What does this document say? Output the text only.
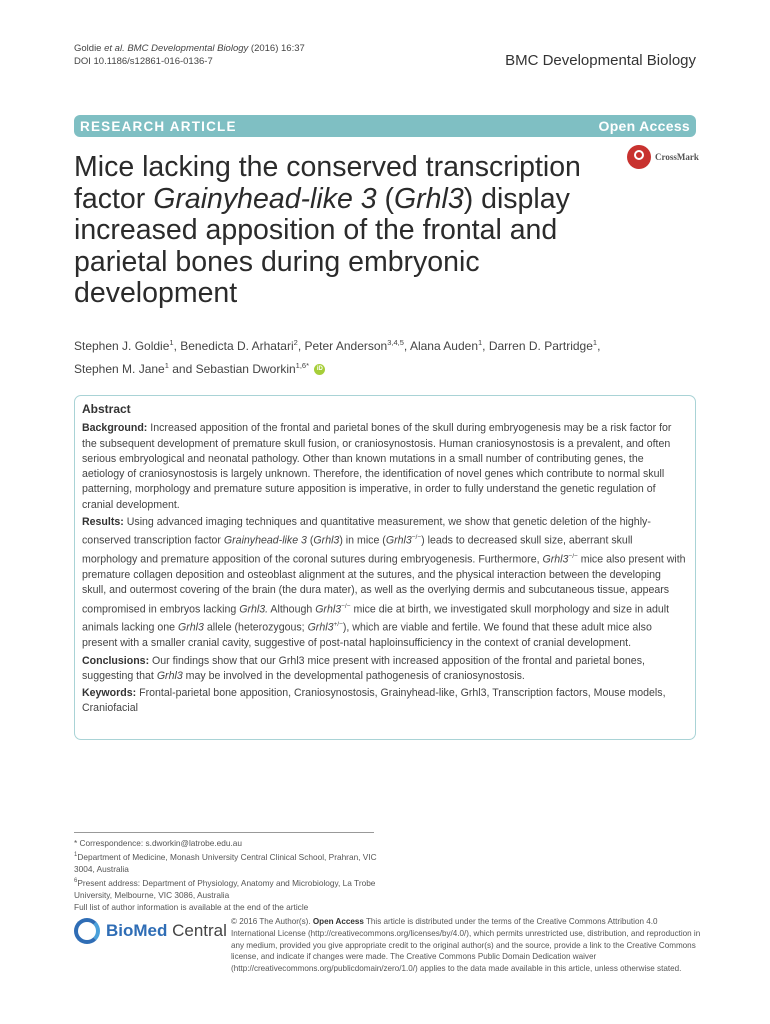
Goldie et al. BMC Developmental Biology (2016) 16:37
DOI 10.1186/s12861-016-0136-7	BMC Developmental Biology
RESEARCH ARTICLE	Open Access
Mice lacking the conserved transcription factor Grainyhead-like 3 (Grhl3) display increased apposition of the frontal and parietal bones during embryonic development
CrossMark
Stephen J. Goldie$^1$, Benedicta D. Arhatari$^2$, Peter Anderson$^{3,4,5}$, Alana Auden$^1$, Darren D. Partridge$^1$,
Stephen M. Jane$^1$ and Sebastian Dworkin$^{1,6*}$ iD
Abstract

Background: Increased apposition of the frontal and parietal bones of the skull during embryogenesis may be a risk factor for the subsequent development of premature skull fusion, or craniosynostosis. Human craniosynostosis is a prevalent, and often serious embryological and neonatal pathology. Other than known mutations in a small number of contributing genes, the aetiology of craniosynostosis is largely unknown. Therefore, the identification of novel genes which contribute to normal skull patterning, morphology and premature suture apposition is imperative, in order to fully understand the genetic regulation of cranial development.

Results: Using advanced imaging techniques and quantitative measurement, we show that genetic deletion of the highly-conserved transcription factor Grainyhead-like 3 (Grhl3) in mice (Grhl3−/−) leads to decreased skull size, aberrant skull morphology and premature apposition of the coronal sutures during embryogenesis. Furthermore, Grhl3−/− mice also present with premature collagen deposition and osteoblast alignment at the sutures, and the physical interaction between the developing skull, and outermost covering of the brain (the dura mater), as well as the overlying dermis and subcutaneous tissue, appears compromised in embryos lacking Grhl3. Although Grhl3−/− mice die at birth, we investigated skull morphology and size in adult animals lacking one Grhl3 allele (heterozygous; Grhl3+/−), which are viable and fertile. We found that these adult mice also present with a smaller cranial cavity, suggestive of post-natal haploinsufficiency in the context of cranial development.

Conclusions: Our findings show that our Grhl3 mice present with increased apposition of the frontal and parietal bones, suggesting that Grhl3 may be involved in the developmental pathogenesis of craniosynostosis.

Keywords: Frontal-parietal bone apposition, Craniosynostosis, Grainyhead-like, Grhl3, Transcription factors, Mouse models, Craniofacial

* Correspondence: s.dworkin@latrobe.edu.au

$^1$Department of Medicine, Monash University Central Clinical School, Prahran, VIC 3004, Australia

$^6$Present address: Department of Physiology, Anatomy and Microbiology, La Trobe University, Melbourne, VIC 3086, Australia

Full list of author information is available at the end of the article

BioMed Central © 2016 The Author(s). Open Access This article is distributed under the terms of the Creative Commons Attribution 4.0 International License (http://creativecommons.org/licenses/by/4.0/), which permits unrestricted use, distribution, and reproduction in any medium, provided you give appropriate credit to the original author(s) and the source, provide a link to the Creative Commons license, and indicate if changes were made. The Creative Commons Public Domain Dedication waiver (http://creativecommons.org/publicdomain/zero/1.0/) applies to the data made available in this article, unless otherwise stated.
